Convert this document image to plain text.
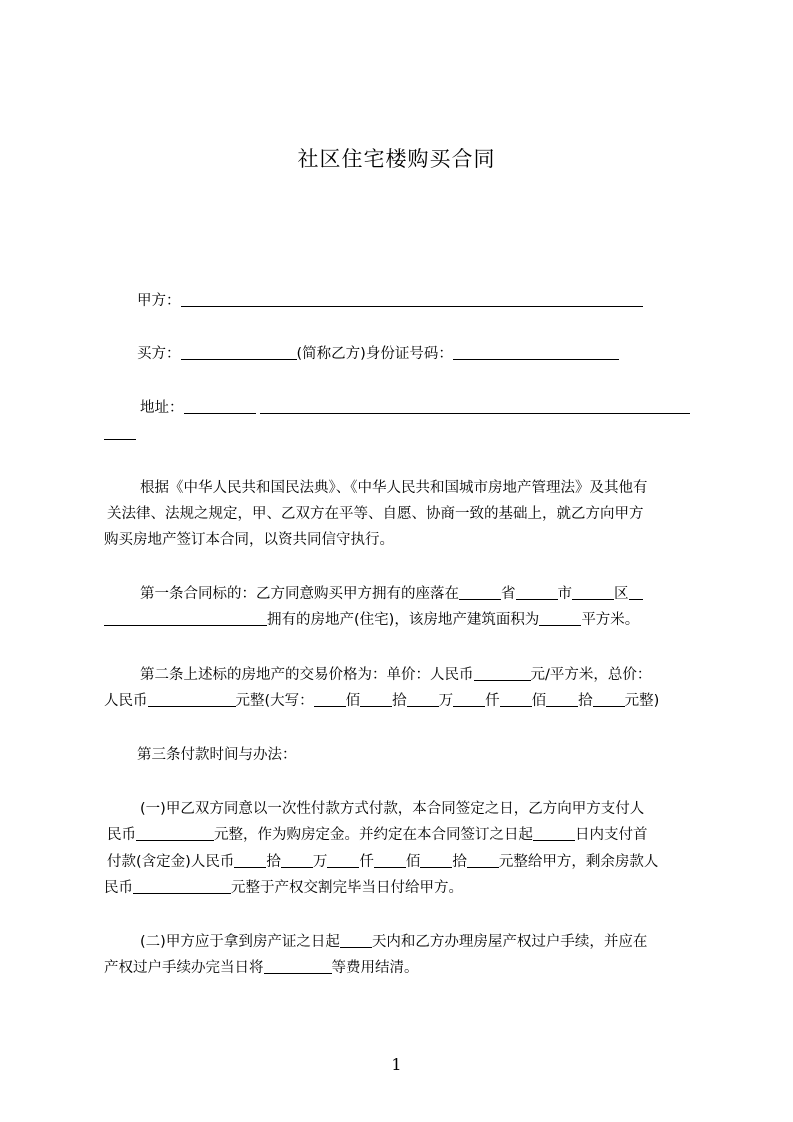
社区住宅楼购买合同
甲方：
买方：	(简称乙方)身份证号码：
地址：
根据《中华人民共和国民法典》、《中华人民共和国城市房地产管理法》及其他有
关法律、法规之规定，甲、乙双方在平等、自愿、协商一致的基础上，就乙方向甲方
购买房地产签订本合同，以资共同信守执行。
第一条合同标的：乙方同意购买甲方拥有的座落在	省	市	区
拥有的房地产(住宅)，该房地产建筑面积为	平方米。
第二条上述标的房地产的交易价格为：单价：人民币	元/平方米，总价：
人民币	元整(大写： 佰 拾 万 仟 佰 拾 元整)
第三条付款时间与办法：
(一)甲乙双方同意以一次性付款方式付款，本合同签定之日，乙方向甲方支付人
民币	元整，作为购房定金。并约定在本合同签订之日起	日内支付首
付款(含定金)人民币 拾 万 仟 佰 拾 元整给甲方，剩余房款人
民币	元整于产权交割完毕当日付给甲方。
(二)甲方应于拿到房产证之日起 天内和乙方办理房屋产权过户手续，并应在
产权过户手续办完当日将	等费用结清。
1
